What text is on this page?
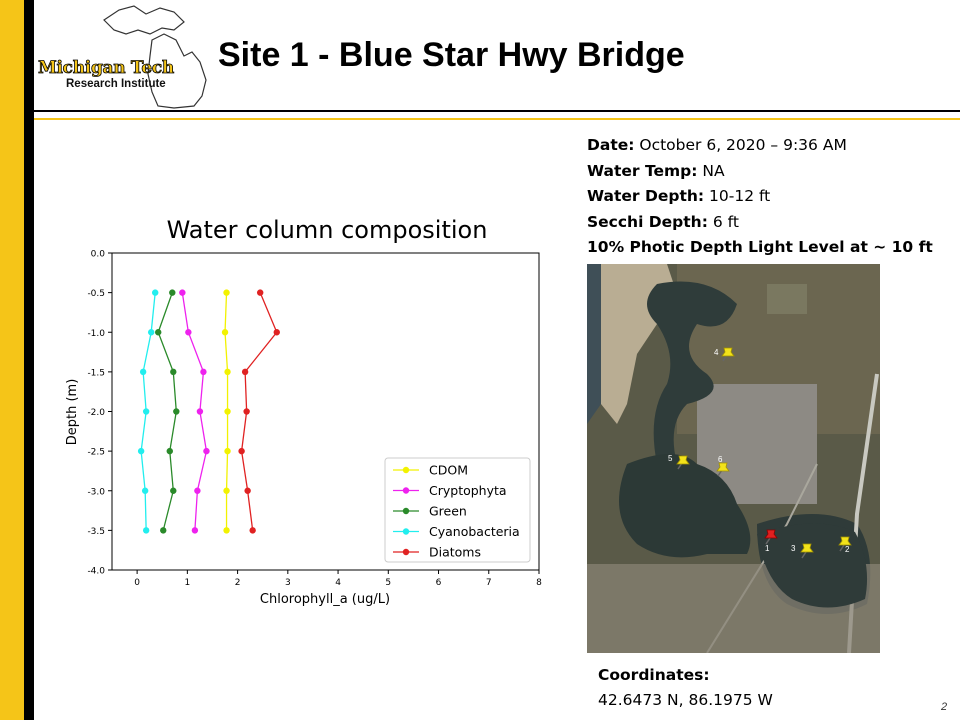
Michigan Tech
Research Institute
Site 1 - Blue Star Hwy Bridge
Date: October 6, 2020 – 9:36 AM
Water Temp: NA
Water Depth: 10-12 ft
Secchi Depth: 6 ft
10% Photic Depth Light Level at ~ 10 ft
4
5	6
1	3	2
Coordinates:
42.6473 N, 86.1975 W	2
Water column composition
0.0
-0.5
-1.0
-1.5
-2.0
-2.5
-3.0
-3.5
-4.0
0	1	2	3	4	5	6	7	8
Chlorophyll_a (ug/L)
Depth (m)
CDOM
Cryptophyta
Green
Cyanobacteria
Diatoms
